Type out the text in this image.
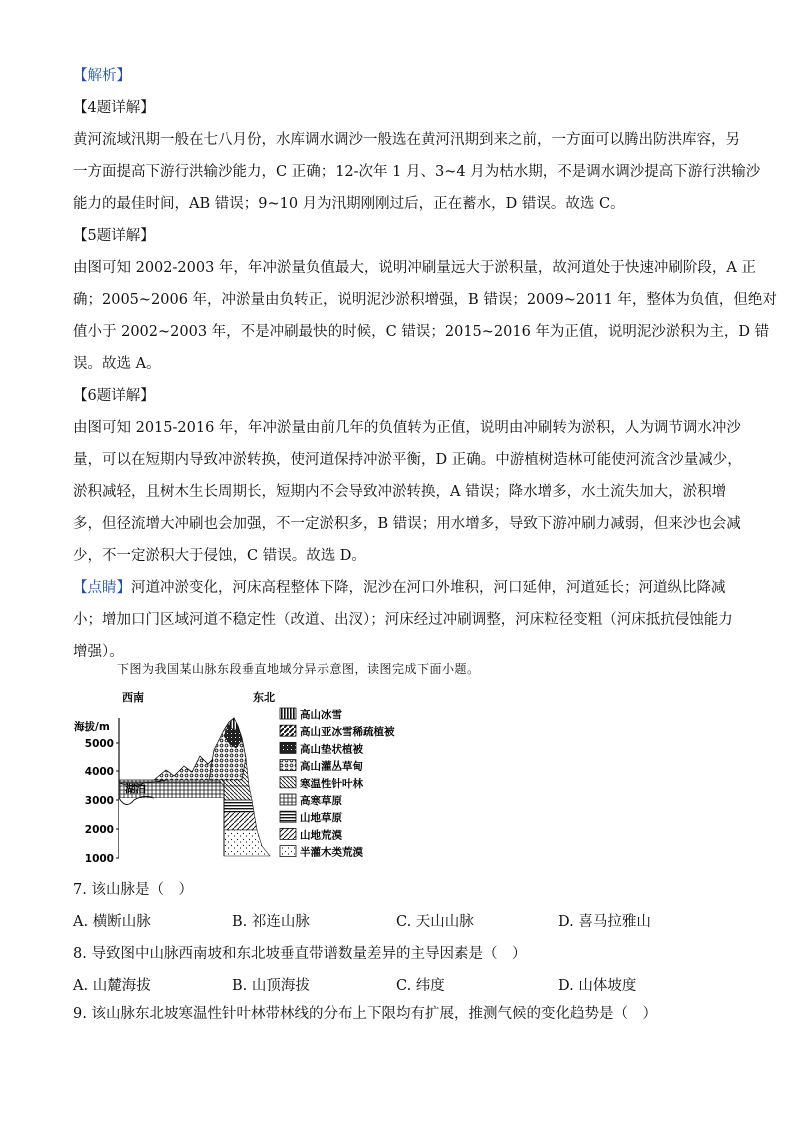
【解析】
【4题详解】
黄河流域汛期一般在七八月份，水库调水调沙一般选在黄河汛期到来之前，一方面可以腾出防洪库容，另
一方面提高下游行洪输沙能力，C 正确；12-次年 1 月、3~4 月为枯水期，不是调水调沙提高下游行洪输沙
能力的最佳时间，AB 错误；9~10 月为汛期刚刚过后，正在蓄水，D 错误。故选 C。
【5题详解】
由图可知 2002-2003 年，年冲淤量负值最大，说明冲刷量远大于淤积量，故河道处于快速冲刷阶段，A 正
确；2005~2006 年，冲淤量由负转正，说明泥沙淤积增强，B 错误；2009~2011 年，整体为负值，但绝对
值小于 2002~2003 年，不是冲刷最快的时候，C 错误；2015~2016 年为正值，说明泥沙淤积为主，D 错
误。故选 A。
【6题详解】
由图可知 2015-2016 年，年冲淤量由前几年的负值转为正值，说明由冲刷转为淤积，人为调节调水冲沙
量，可以在短期内导致冲淤转换，使河道保持冲淤平衡，D 正确。中游植树造林可能使河流含沙量减少，
淤积减轻，且树木生长周期长，短期内不会导致冲淤转换，A 错误；降水增多，水土流失加大，淤积增
多，但径流增大冲刷也会加强，不一定淤积多，B 错误；用水增多，导致下游冲刷力减弱，但来沙也会减
少，不一定淤积大于侵蚀，C 错误。故选 D。
【点睛】河道冲淤变化，河床高程整体下降，泥沙在河口外堆积，河口延伸，河道延长；河道纵比降减
小；增加口门区域河道不稳定性（改道、出汊）；河床经过冲刷调整，河床粒径变粗（河床抵抗侵蚀能力
增强）。
下图为我国某山脉东段垂直地域分异示意图，读图完成下面小题。
西南	东北
海拔/m
5000
4000
3000
2000
1000
湖泊
高山冰雪
高山亚冰雪稀疏植被
高山垫状植被
高山灌丛草甸
寒温性针叶林
高寒草原
山地草原
山地荒漠
半灌木类荒漠
7. 该山脉是（　）
A. 横断山脉	B. 祁连山脉	C. 天山山脉	D. 喜马拉雅山
8. 导致图中山脉西南坡和东北坡垂直带谱数量差异的主导因素是（　）
A. 山麓海拔	B. 山顶海拔	C. 纬度	D. 山体坡度
9. 该山脉东北坡寒温性针叶林带林线的分布上下限均有扩展，推测气候的变化趋势是（　）
